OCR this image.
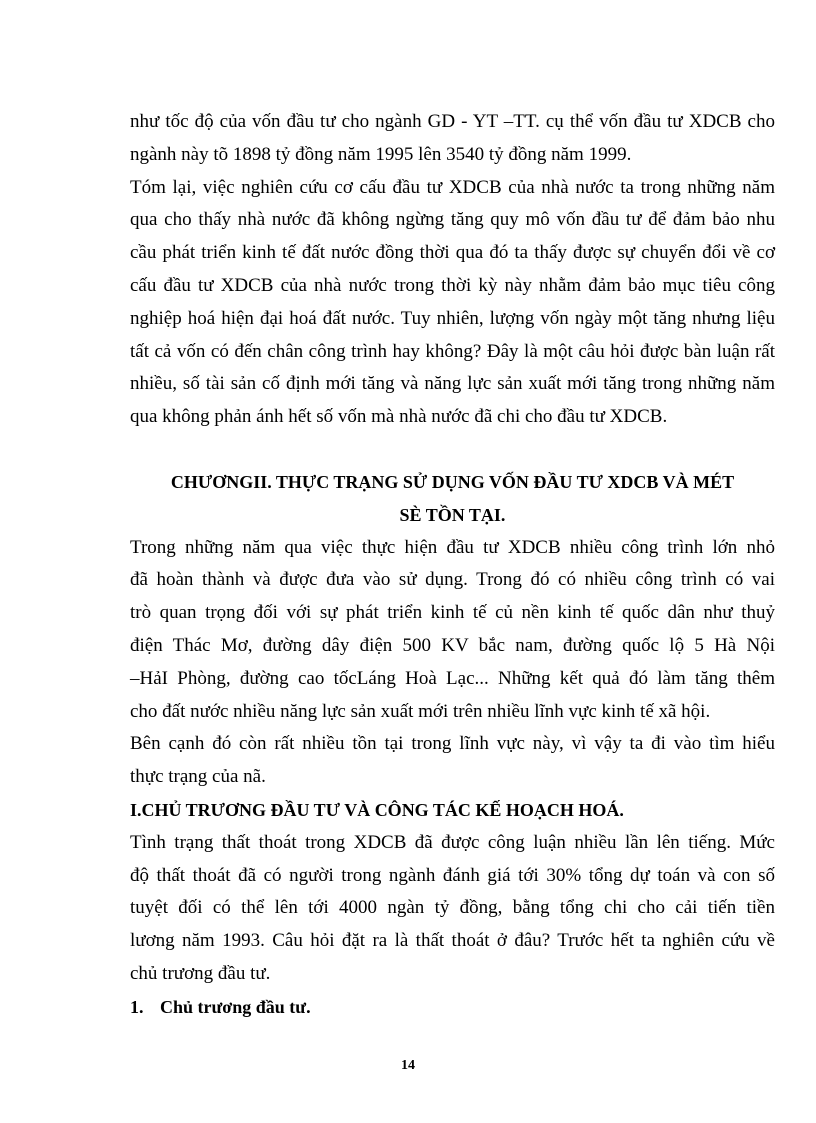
như tốc độ của vốn đầu tư cho ngành GD - YT –TT. cụ thể vốn đầu tư XDCB cho
ngành này tõ 1898 tỷ đồng năm 1995 lên 3540 tỷ đồng năm 1999.
Tóm lại, việc nghiên cứu cơ cấu đầu tư XDCB của nhà nước ta trong những năm
qua cho thấy nhà nước đã không ngừng tăng quy mô vốn đầu tư để đảm bảo nhu
cầu phát triển kinh tế đất nước đồng thời qua đó ta thấy được sự chuyển đổi về cơ
cấu đầu tư XDCB của nhà nước trong thời kỳ này nhằm đảm bảo mục tiêu công
nghiệp hoá hiện đại hoá đất nước. Tuy nhiên, lượng vốn ngày một tăng nhưng liệu
tất cả vốn có đến chân công trình hay không? Đây là một câu hỏi được bàn luận rất
nhiều, số tài sản cố định mới tăng và năng lực sản xuất mới tăng trong những năm
qua không phản ánh hết số vốn mà nhà nước đã chi cho đầu tư XDCB.
CHƯƠNGII. THỰC TRẠNG SỬ DỤNG VỐN ĐẦU TƯ XDCB VÀ MÉT
SÈ TỒN TẠI.
Trong những năm qua việc thực hiện đầu tư XDCB nhiều công trình lớn nhỏ
đã hoàn thành và được đưa vào sử dụng. Trong đó có nhiều công trình có vai
trò quan trọng đối với sự phát triển kinh tế củ nền kinh tế quốc dân như thuỷ
điện Thác Mơ, đường dây điện 500 KV bắc nam, đường quốc lộ 5 Hà Nội
–HảI Phòng, đường cao tốcLáng Hoà Lạc... Những kết quả đó làm tăng thêm
cho đất nước nhiều năng lực sản xuất mới trên nhiều lĩnh vực kinh tế xã hội.
Bên cạnh đó còn rất nhiều tồn tại trong lĩnh vực này, vì vậy ta đi vào tìm hiểu
thực trạng của nã.
I.CHỦ TRƯƠNG ĐẦU TƯ VÀ CÔNG TÁC KẾ HOẠCH HOÁ.
Tình trạng thất thoát trong XDCB đã được công luận nhiều lần lên tiếng. Mức
độ thất thoát đã có người trong ngành đánh giá tới 30% tổng dự toán và con số
tuyệt đối có thể lên tới 4000 ngàn tỷ đồng, bằng tổng chi cho cải tiến tiền
lương năm 1993. Câu hỏi đặt ra là thất thoát ở đâu? Trước hết ta nghiên cứu về
chủ trương đầu tư.
1. Chủ trương đầu tư.
14
